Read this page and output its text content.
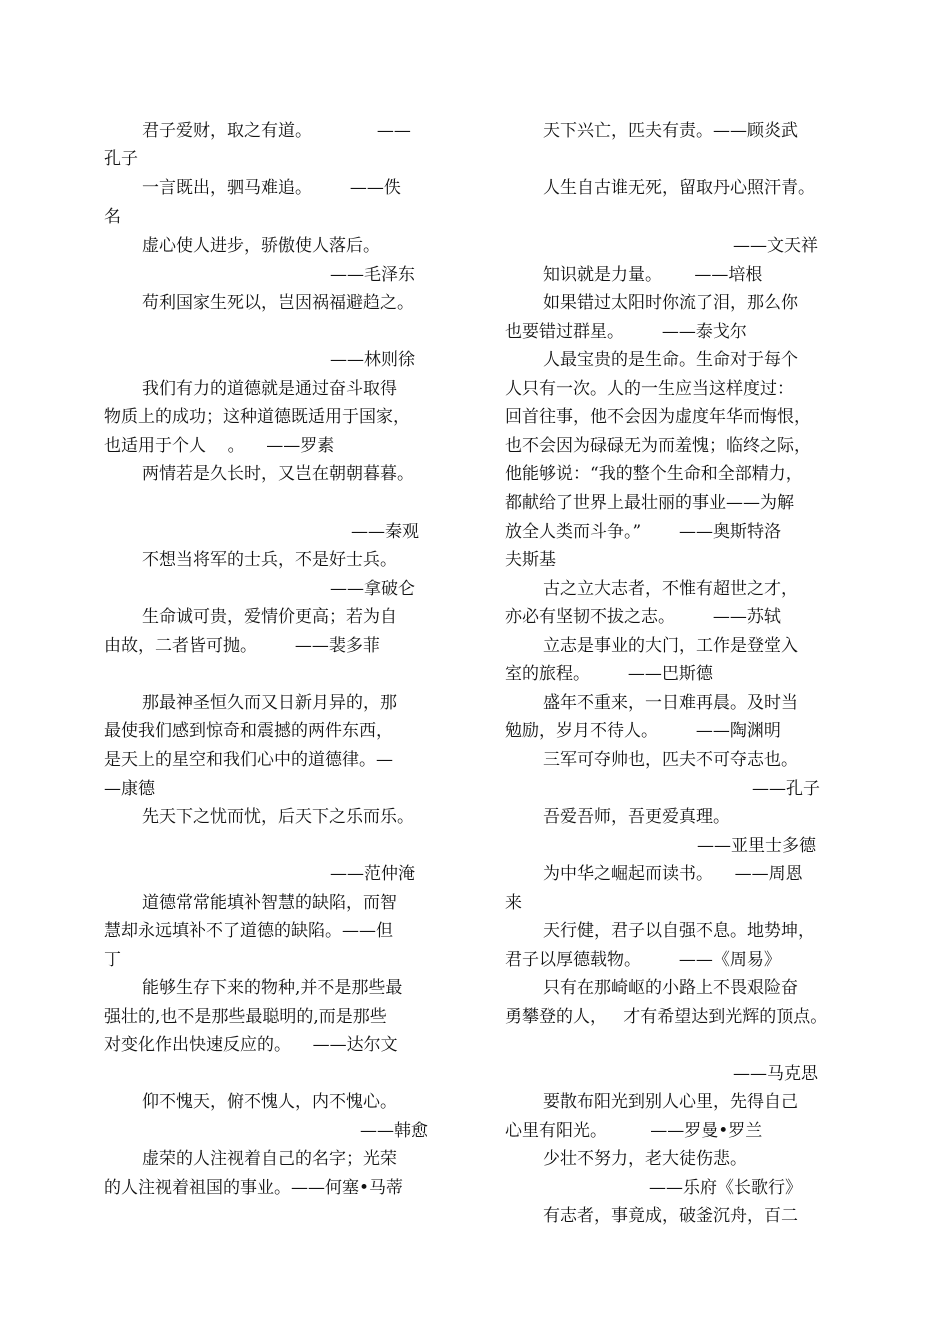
君子爱财，取之有道。            ——
孔子
一言既出，驷马难追。       ——佚
名
虚心使人进步，骄傲使人落后。
——毛泽东
苟利国家生死以，岂因祸福避趋之。
——林则徐
我们有力的道德就是通过奋斗取得
物质上的成功；这种道德既适用于国家，
也适用于个人    。    ——罗素
两情若是久长时，又岂在朝朝暮暮。
——秦观
不想当将军的士兵，不是好士兵。
——拿破仑
生命诚可贵，爱情价更高；若为自
由故，二者皆可抛。       ——裴多菲
那最神圣恒久而又日新月异的，那
最使我们感到惊奇和震撼的两件东西，
是天上的星空和我们心中的道德律。—
—康德
先天下之忧而忧，后天下之乐而乐。
——范仲淹
道德常常能填补智慧的缺陷，而智
慧却永远填补不了道德的缺陷。——但
丁
能够生存下来的物种,并不是那些最
强壮的,也不是那些最聪明的,而是那些
对变化作出快速反应的。    ——达尔文
仰不愧天，俯不愧人，内不愧心。
——韩愈
虚荣的人注视着自己的名字；光荣
的人注视着祖国的事业。——何塞•马蒂
天下兴亡，匹夫有责。——顾炎武
人生自古谁无死，留取丹心照汗青。
——文天祥
知识就是力量。      ——培根
如果错过太阳时你流了泪，那么你
也要错过群星。       ——泰戈尔
人最宝贵的是生命。生命对于每个
人只有一次。人的一生应当这样度过：
回首往事，他不会因为虚度年华而悔恨，
也不会因为碌碌无为而羞愧；临终之际，
他能够说：“我的整个生命和全部精力，
都献给了世界上最壮丽的事业——为解
放全人类而斗争。”       ——奥斯特洛
夫斯基
古之立大志者，不惟有超世之才，
亦必有坚韧不拔之志。       ——苏轼
立志是事业的大门，工作是登堂入
室的旅程。       ——巴斯德
盛年不重来，一日难再晨。及时当
勉励，岁月不待人。       ——陶渊明
三军可夺帅也，匹夫不可夺志也。
——孔子
吾爱吾师，吾更爱真理。
——亚里士多德
为中华之崛起而读书。    ——周恩
来
天行健，君子以自强不息。地势坤，
君子以厚德载物。       ——《周易》
只有在那崎岖的小路上不畏艰险奋
勇攀登的人，   才有希望达到光辉的顶点。
——马克思
要散布阳光到别人心里，先得自己
心里有阳光。        ——罗曼•罗兰
少壮不努力，老大徒伤悲。
——乐府《长歌行》
有志者，事竟成，破釜沉舟，百二
